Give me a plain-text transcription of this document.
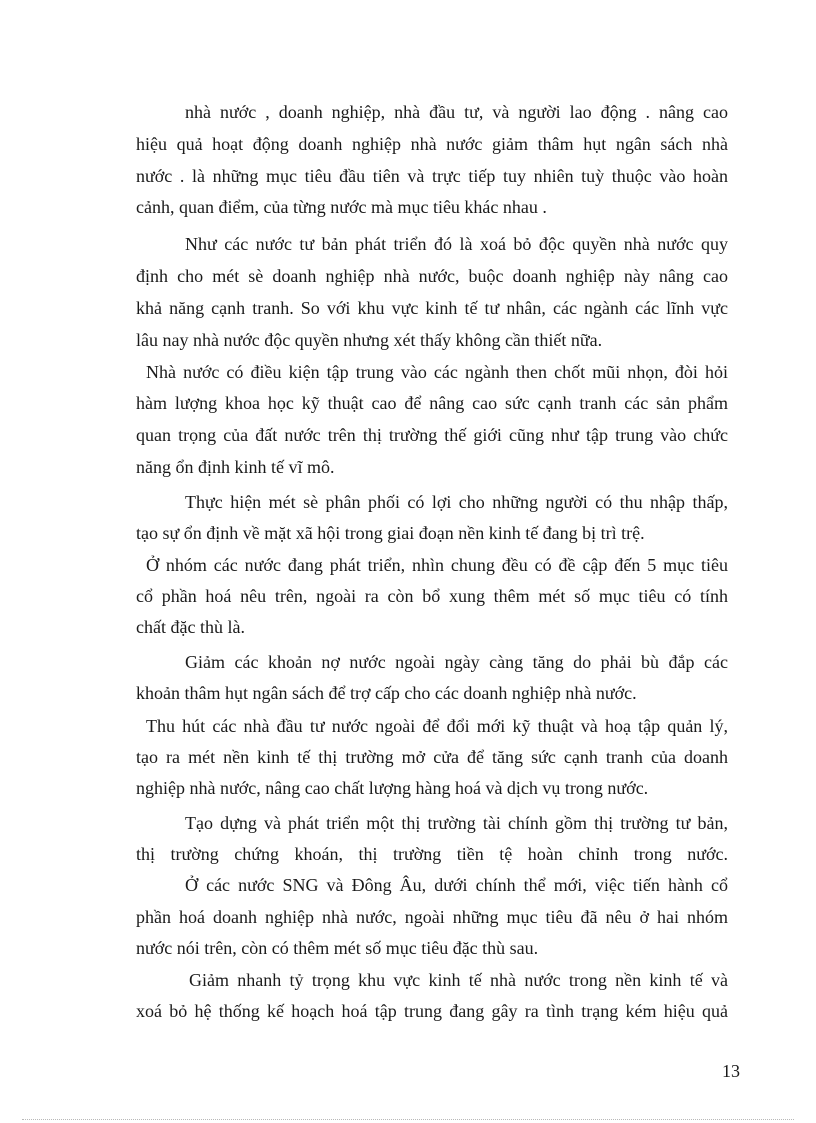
nhà nước , doanh nghiệp, nhà đầu tư, và người lao động . nâng cao
hiệu quả hoạt động doanh nghiệp nhà nước giảm thâm hụt ngân sách nhà
nước . là những mục tiêu đầu tiên và trực tiếp tuy nhiên tuỳ thuộc vào hoàn
cảnh, quan điểm, của từng nước mà mục tiêu khác nhau .
Như các nước tư bản phát triển đó là xoá bỏ độc quyền nhà nước quy
định cho mét sè doanh nghiệp nhà nước, buộc doanh nghiệp này nâng cao
khả năng cạnh tranh. So với khu vực kinh tế tư nhân, các ngành các lĩnh vực
lâu nay nhà nước độc quyền nhưng xét thấy không cần thiết nữa.
Nhà nước có điều kiện tập trung vào các ngành then chốt mũi nhọn, đòi hỏi
hàm lượng khoa học kỹ thuật cao để nâng cao sức cạnh tranh các sản phẩm
quan trọng của đất nước trên thị trường thế giới cũng như tập trung vào chức
năng ổn định kinh tế vĩ mô.
Thực hiện mét sè phân phối có lợi cho những người có thu nhập thấp,
tạo sự ổn định về mặt xã hội trong giai đoạn nền kinh tế đang bị trì trệ.
Ở nhóm các nước đang phát triển, nhìn chung đều có đề cập đến 5 mục tiêu
cổ phần hoá nêu trên, ngoài ra còn bổ xung thêm mét số mục tiêu có tính
chất đặc thù là.
Giảm các khoản nợ nước ngoài ngày càng tăng do phải bù đắp các
khoản thâm hụt ngân sách để trợ cấp cho các doanh nghiệp nhà nước.
Thu hút các nhà đầu tư nước ngoài để đổi mới kỹ thuật và hoạ tập quản lý,
tạo ra mét nền kinh tế thị trường mở cửa để tăng sức cạnh tranh của doanh
nghiệp nhà nước, nâng cao chất lượng hàng hoá và dịch vụ trong nước.
Tạo dựng và phát triển một thị trường tài chính gồm thị trường tư bản,
thị trường chứng khoán, thị trường tiền tệ hoàn chỉnh trong nước.
Ở các nước SNG và Đông Âu, dưới chính thể mới, việc tiến hành cổ
phần hoá doanh nghiệp nhà nước, ngoài những mục tiêu đã nêu ở hai nhóm
nước nói trên, còn có thêm mét số mục tiêu đặc thù sau.
Giảm nhanh tỷ trọng khu vực kinh tế nhà nước trong nền kinh tế và
xoá bỏ hệ thống kế hoạch hoá tập trung đang gây ra tình trạng kém hiệu quả
13
